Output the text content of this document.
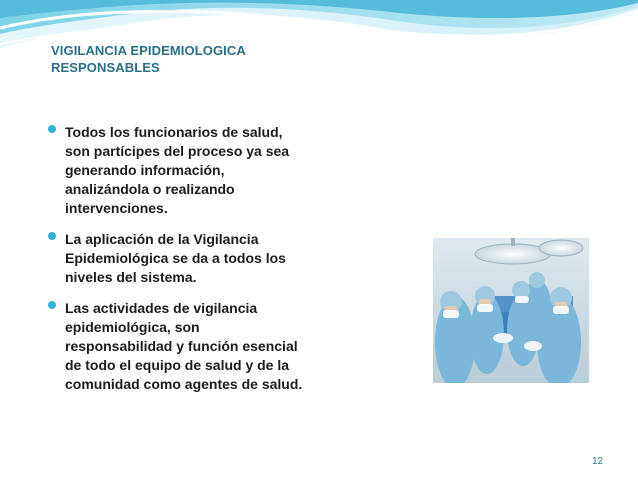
VIGILANCIA EPIDEMIOLOGICA
RESPONSABLES
Todos los funcionarios de salud,
son partícipes del proceso ya sea
generando información,
analizándola o realizando
intervenciones.
La aplicación de la Vigilancia
Epidemiológica se da a todos los
niveles del sistema.
Las actividades de vigilancia
epidemiológica, son
responsabilidad y función esencial
de todo el equipo de salud y de la
comunidad como agentes de salud.
12
